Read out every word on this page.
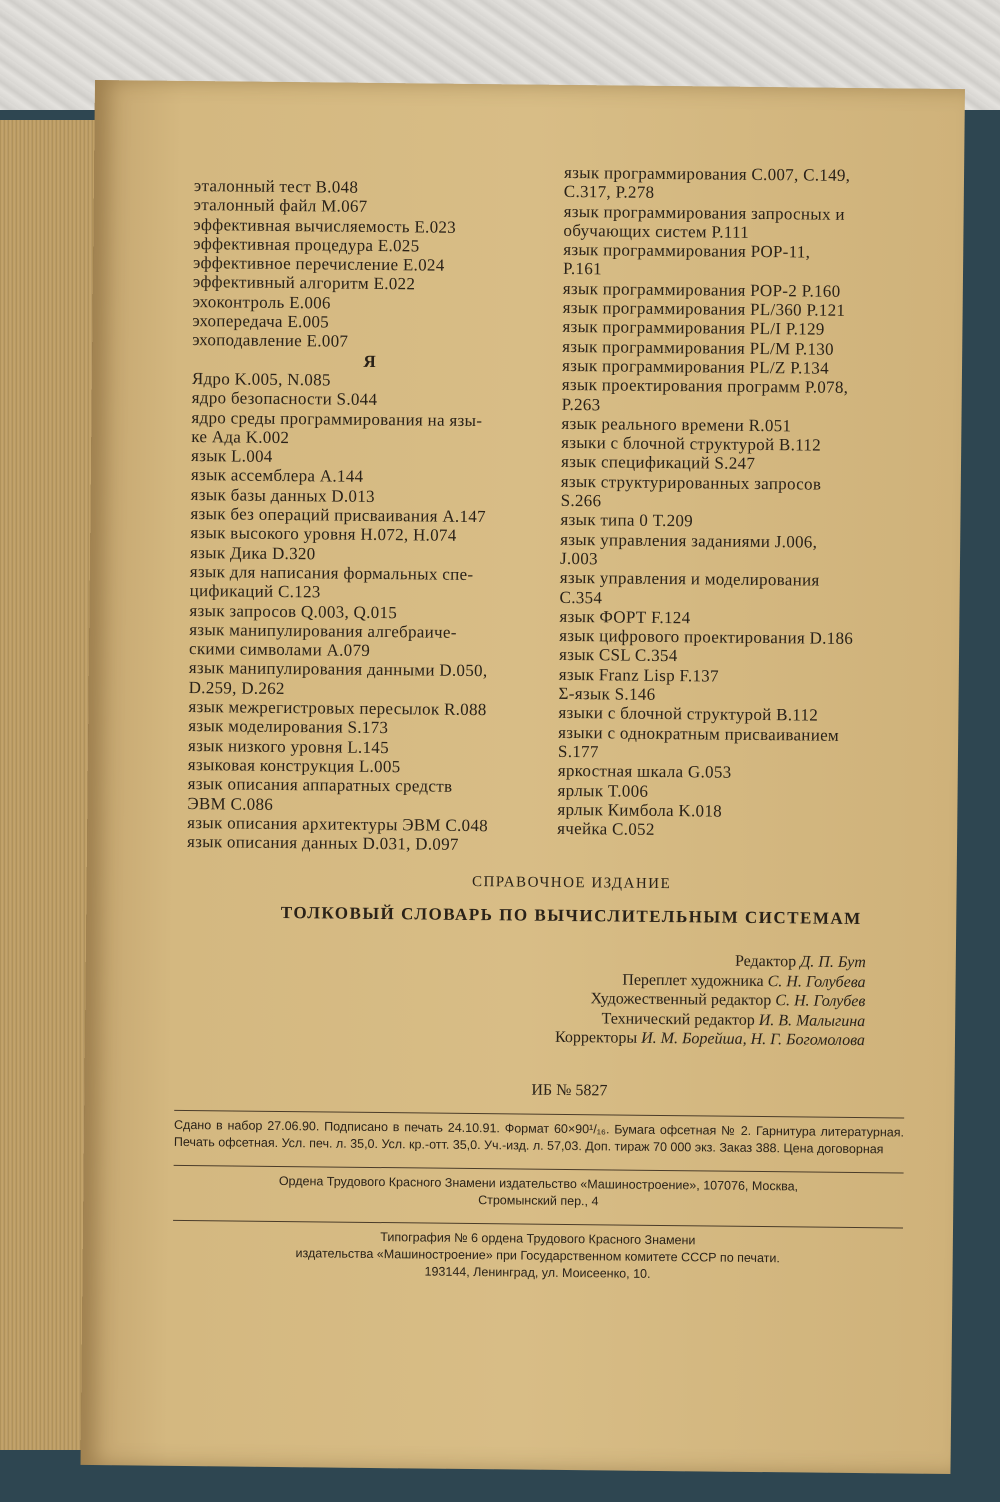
эталонный тест B.048
эталонный файл M.067
эффективная вычисляемость E.023
эффективная процедура E.025
эффективное перечисление E.024
эффективный алгоритм E.022
эхоконтроль E.006
эхопередача E.005
эхоподавление E.007
Я
Ядро K.005, N.085
ядро безопасности S.044
ядро среды программирования на язы-
ке Ада K.002
язык L.004
язык ассемблера A.144
язык базы данных D.013
язык без операций присваивания A.147
язык высокого уровня H.072, H.074
язык Дика D.320
язык для написания формальных спе-
цификаций C.123
язык запросов Q.003, Q.015
язык манипулирования алгебраиче-
скими символами A.079
язык манипулирования данными D.050,
D.259, D.262
язык межрегистровых пересылок R.088
язык моделирования S.173
язык низкого уровня L.145
языковая конструкция L.005
язык описания аппаратных средств
ЭВМ C.086
язык описания архитектуры ЭВМ C.048
язык описания данных D.031, D.097
язык программирования C.007, C.149,
C.317, P.278
язык программирования запросных и
обучающих систем P.111
язык программирования POP-11,
P.161
язык программирования POP-2 P.160
язык программирования PL/360 P.121
язык программирования PL/I P.129
язык программирования PL/M P.130
язык программирования PL/Z P.134
язык проектирования программ P.078,
P.263
язык реального времени R.051
языки с блочной структурой B.112
язык спецификаций S.247
язык структурированных запросов
S.266
язык типа 0 T.209
язык управления заданиями J.006,
J.003
язык управления и моделирования
C.354
язык ФОРТ F.124
язык цифрового проектирования D.186
язык CSL C.354
язык Franz Lisp F.137
Σ-язык S.146
языки с блочной структурой B.112
языки с однократным присваиванием
S.177
яркостная шкала G.053
ярлык T.006
ярлык Кимбола K.018
ячейка C.052
СПРАВОЧНОЕ ИЗДАНИЕ
ТОЛКОВЫЙ СЛОВАРЬ ПО ВЫЧИСЛИТЕЛЬНЫМ СИСТЕМАМ
Редактор Д. П. Бут
Переплет художника С. Н. Голубева
Художественный редактор С. Н. Голубев
Технический редактор И. В. Малыгина
Корректоры И. М. Борейша, Н. Г. Богомолова
ИБ № 5827
Сдано в набор 27.06.90. Подписано в печать 24.10.91. Формат 60×90¹/₁₆. Бумага офсетная № 2. Гарнитура литературная. Печать офсетная. Усл. печ. л. 35,0. Усл. кр.-отт. 35,0. Уч.-изд. л. 57,03. Доп. тираж 70 000 экз. Заказ 388. Цена договорная
Ордена Трудового Красного Знамени издательство «Машиностроение», 107076, Москва,
Стромынский пер., 4
Типография № 6 ордена Трудового Красного Знамени
издательства «Машиностроение» при Государственном комитете СССР по печати.
193144, Ленинград, ул. Моисеенко, 10.
